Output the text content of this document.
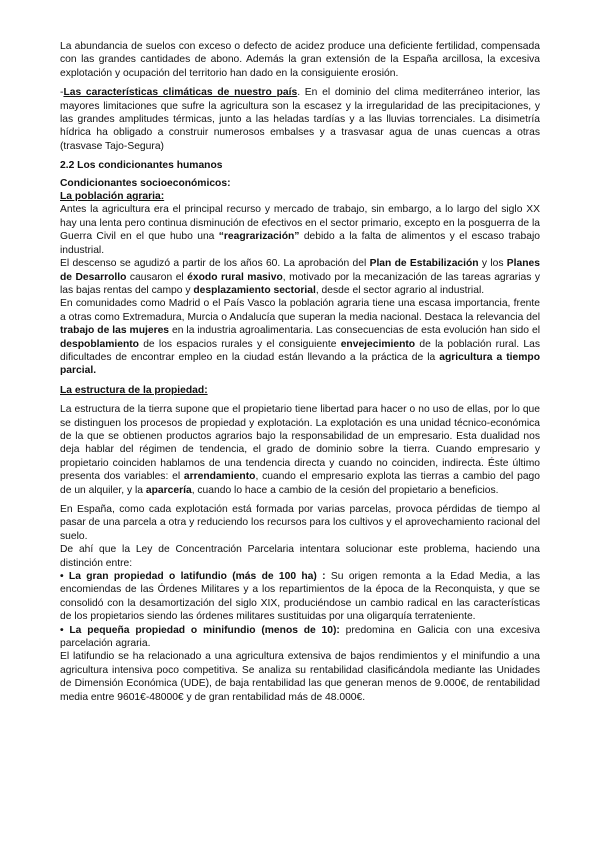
La abundancia de suelos con exceso o defecto de acidez produce una deficiente fertilidad, compensada con las grandes cantidades de abono. Además la gran extensión de la España arcillosa, la excesiva explotación y ocupación del territorio han dado en la consiguiente erosión.

-Las características climáticas de nuestro país. En el dominio del clima mediterráneo interior, las mayores limitaciones que sufre la agricultura son la escasez y la irregularidad de las precipitaciones, y las grandes amplitudes térmicas, junto a las heladas tardías y a las lluvias torrenciales. La disimetría hídrica ha obligado a construir numerosos embalses y a trasvasar agua de unas cuencas a otras (trasvase Tajo-Segura)

2.2 Los condicionantes humanos
Condicionantes socioeconómicos:
La población agraria:

Antes la agricultura era el principal recurso y mercado de trabajo, sin embargo, a lo largo del siglo XX hay una lenta pero continua disminución de efectivos en el sector primario, excepto en la posguerra de la Guerra Civil en el que hubo una “reagrarización” debido a la falta de alimentos y el escaso trabajo industrial.

El descenso se agudizó a partir de los años 60. La aprobación del Plan de Estabilización y los Planes de Desarrollo causaron el éxodo rural masivo, motivado por la mecanización de las tareas agrarias y las bajas rentas del campo y desplazamiento sectorial, desde el sector agrario al industrial.

En comunidades como Madrid o el País Vasco la población agraria tiene una escasa importancia, frente a otras como Extremadura, Murcia o Andalucía que superan la media nacional. Destaca la relevancia del trabajo de las mujeres en la industria agroalimentaria. Las consecuencias de esta evolución han sido el despoblamiento de los espacios rurales y el consiguiente envejecimiento de la población rural. Las dificultades de encontrar empleo en la ciudad están llevando a la práctica de la agricultura a tiempo parcial.

La estructura de la propiedad:

La estructura de la tierra supone que el propietario tiene libertad para hacer o no uso de ellas, por lo que se distinguen los procesos de propiedad y explotación. La explotación es una unidad técnico-económica de la que se obtienen productos agrarios bajo la responsabilidad de un empresario. Esta dualidad nos deja hablar del régimen de tendencia, el grado de dominio sobre la tierra. Cuando empresario y propietario coinciden hablamos de una tendencia directa y cuando no coinciden, indirecta. Éste último presenta dos variables: el arrendamiento, cuando el empresario explota las tierras a cambio del pago de un alquiler, y la aparcería, cuando lo hace a cambio de la cesión del propietario a beneficios.

En España, como cada explotación está formada por varias parcelas, provoca pérdidas de tiempo al pasar de una parcela a otra y reduciendo los recursos para los cultivos y el aprovechamiento racional del suelo.

De ahí que la Ley de Concentración Parcelaria intentara solucionar este problema, haciendo una distinción entre:

• La gran propiedad o latifundio (más de 100 ha) : Su origen remonta a la Edad Media, a las encomiendas de las Órdenes Militares y a los repartimientos de la época de la Reconquista, y que se consolidó con la desamortización del siglo XIX, produciéndose un cambio radical en las características de los propietarios siendo las órdenes militares sustituidas por una oligarquía terrateniente.

• La pequeña propiedad o minifundio (menos de 10): predomina en Galicia con una excesiva parcelación agraria.

El latifundio se ha relacionado a una agricultura extensiva de bajos rendimientos y el minifundio a una agricultura intensiva poco competitiva. Se analiza su rentabilidad clasificándola mediante las Unidades de Dimensión Económica (UDE), de baja rentabilidad las que generan menos de 9.000€, de rentabilidad media entre 9601€-48000€ y de gran rentabilidad más de 48.000€.
